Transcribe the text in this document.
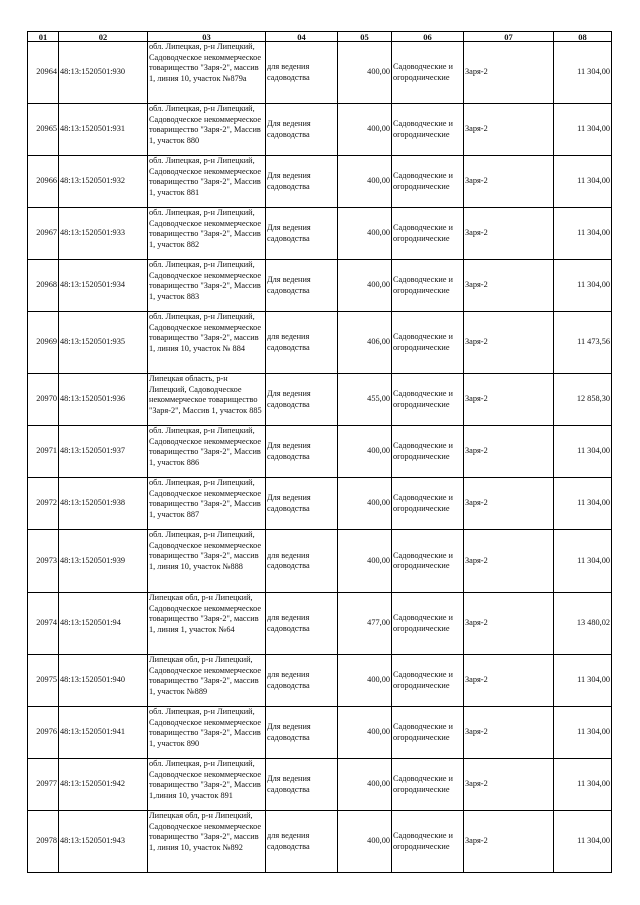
01	02	03	04	05	06	07	08
20964	48:13:1520501:930	обл. Липецкая, р-н Липецкий, Садоводческое некоммерческое товарищество "Заря-2", массив 1, линия 10, участок №879а	для ведения садоводства	400,00	Садоводческие и огороднические	Заря-2	11 304,00
20965	48:13:1520501:931	обл. Липецкая, р-н Липецкий, Садоводческое некоммерческое товарищество "Заря-2", Массив 1, участок 880	Для ведения садоводства	400,00	Садоводческие и огороднические	Заря-2	11 304,00
20966	48:13:1520501:932	обл. Липецкая, р-н Липецкий, Садоводческое некоммерческое товарищество "Заря-2", Массив 1, участок 881	Для ведения садоводства	400,00	Садоводческие и огороднические	Заря-2	11 304,00
20967	48:13:1520501:933	обл. Липецкая, р-н Липецкий, Садоводческое некоммерческое товарищество "Заря-2", Массив 1, участок 882	Для ведения садоводства	400,00	Садоводческие и огороднические	Заря-2	11 304,00
20968	48:13:1520501:934	обл. Липецкая, р-н Липецкий, Садоводческое некоммерческое товарищество "Заря-2", Массив 1, участок 883	Для ведения садоводства	400,00	Садоводческие и огороднические	Заря-2	11 304,00
20969	48:13:1520501:935	обл. Липецкая, р-н Липецкий, Садоводческое некоммерческое товарищество "Заря-2", массив 1, линия 10, участок № 884	для ведения садоводства	406,00	Садоводческие и огороднические	Заря-2	11 473,56
20970	48:13:1520501:936	Липецкая область, р-н Липецкий, Садоводческое некоммерческое товарищество "Заря-2", Массив 1, участок 885	Для ведения садоводства	455,00	Садоводческие и огороднические	Заря-2	12 858,30
20971	48:13:1520501:937	обл. Липецкая, р-н Липецкий, Садоводческое некоммерческое товарищество "Заря-2", Массив 1, участок 886	Для ведения садоводства	400,00	Садоводческие и огороднические	Заря-2	11 304,00
20972	48:13:1520501:938	обл. Липецкая, р-н Липецкий, Садоводческое некоммерческое товарищество "Заря-2", Массив 1, участок 887	Для ведения садоводства	400,00	Садоводческие и огороднические	Заря-2	11 304,00
20973	48:13:1520501:939	обл. Липецкая, р-н Липецкий, Садоводческое некоммерческое товарищество "Заря-2", массив 1, линия 10, участок №888	для ведения садоводства	400,00	Садоводческие и огороднические	Заря-2	11 304,00
20974	48:13:1520501:94	Липецкая обл, р-н Липецкий, Садоводческое некоммерческое товарищество "Заря-2", массив 1, линия 1, участок №64	для ведения садоводства	477,00	Садоводческие и огороднические	Заря-2	13 480,02
20975	48:13:1520501:940	Липецкая обл, р-н Липецкий, Садоводческое некоммерческое товарищество "Заря-2", массив 1, участок №889	для ведения садоводства	400,00	Садоводческие и огороднические	Заря-2	11 304,00
20976	48:13:1520501:941	обл. Липецкая, р-н Липецкий, Садоводческое некоммерческое товарищество "Заря-2", Массив 1, участок 890	Для ведения садоводства	400,00	Садоводческие и огороднические	Заря-2	11 304,00
20977	48:13:1520501:942	обл. Липецкая, р-н Липецкий, Садоводческое некоммерческое товарищество "Заря-2", Массив 1,линия 10, участок 891	Для ведения садоводства	400,00	Садоводческие и огороднические	Заря-2	11 304,00
20978	48:13:1520501:943	Липецкая обл, р-н Липецкий, Садоводческое некоммерческое товарищество "Заря-2", массив 1, линия 10, участок №892	для ведения садоводства	400,00	Садоводческие и огороднические	Заря-2	11 304,00
